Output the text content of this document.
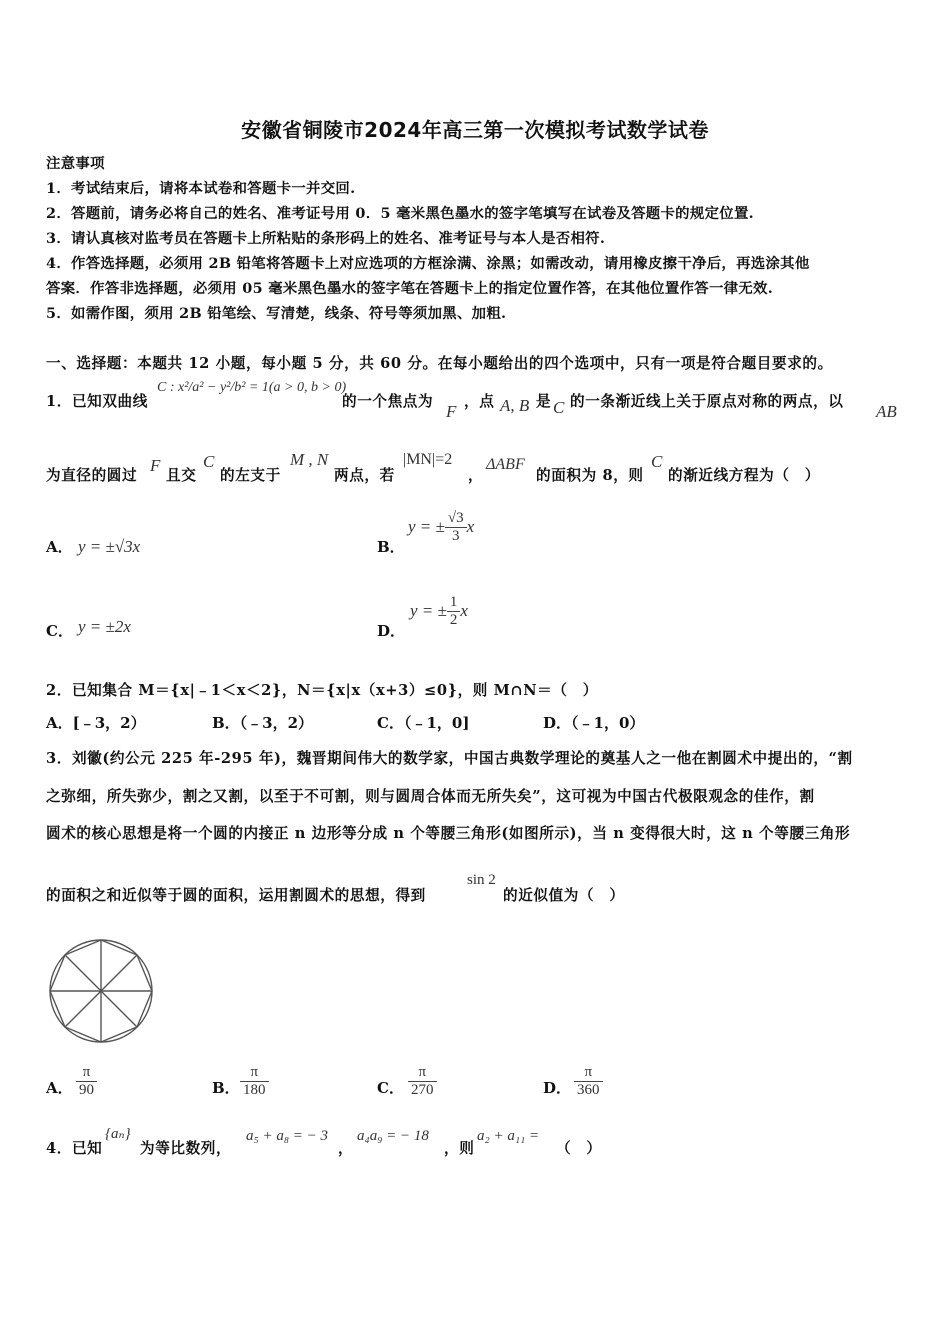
安徽省铜陵市2024年高三第一次模拟考试数学试卷
注意事项
1．考试结束后，请将本试卷和答题卡一并交回.
2．答题前，请务必将自己的姓名、准考证号用 0．5 毫米黑色墨水的签字笔填写在试卷及答题卡的规定位置.
3．请认真核对监考员在答题卡上所粘贴的条形码上的姓名、准考证号与本人是否相符.
4．作答选择题，必须用 2B 铅笔将答题卡上对应选项的方框涂满、涂黑；如需改动，请用橡皮擦干净后，再选涂其他
答案．作答非选择题，必须用 05 毫米黑色墨水的签字笔在答题卡上的指定位置作答，在其他位置作答一律无效.
5．如需作图，须用 2B 铅笔绘、写清楚，线条、符号等须加黑、加粗.
一、选择题：本题共 12 小题，每小题 5 分，共 60 分。在每小题给出的四个选项中，只有一项是符合题目要求的。
1．已知双曲线
C : x²/a² − y²/b² = 1(a > 0, b > 0)
的一个焦点为
F
，点 A, B 是 C 的一条渐近线上关于原点对称的两点，以
AB
为直径的圆过
F
且交
C
的左支于
M , N
两点，若
|MN|=2
，
ΔABF
的面积为 8，则
C
的渐近线方程为（　）
A． y = ±√3x	B．
y = ± $\frac{√3}{3}$ x
C． y = ±2x	D．
y = ± $\frac{1}{2}$ x
2．已知集合 M＝{x|﹣1＜x＜2}，N＝{x|x（x+3）≤0}，则 M∩N＝（　）
A．[﹣3，2）	B．（﹣3，2）	C．（﹣1，0]	D．（﹣1，0）
3．刘徽(约公元 225 年-295 年)，魏晋期间伟大的数学家，中国古典数学理论的奠基人之一他在割圆术中提出的，“割
之弥细，所失弥少，割之又割，以至于不可割，则与圆周合体而无所失矣”，这可视为中国古代极限观念的佳作，割
圆术的核心思想是将一个圆的内接正 n 边形等分成 n 个等腰三角形(如图所示)，当 n 变得很大时，这 n 个等腰三角形
的面积之和近似等于圆的面积，运用割圆术的思想，得到
sin 2
的近似值为（　）
A． $\frac{\pi}{90}$	B． $\frac{\pi}{180}$	C． $\frac{\pi}{270}$	D． $\frac{\pi}{360}$
4．已知
{aₙ}
为等比数列，
a₅ + a₈ = − 3
，
a₄a₉ = − 18
，则
a₂ + a₁₁ =
（　）
